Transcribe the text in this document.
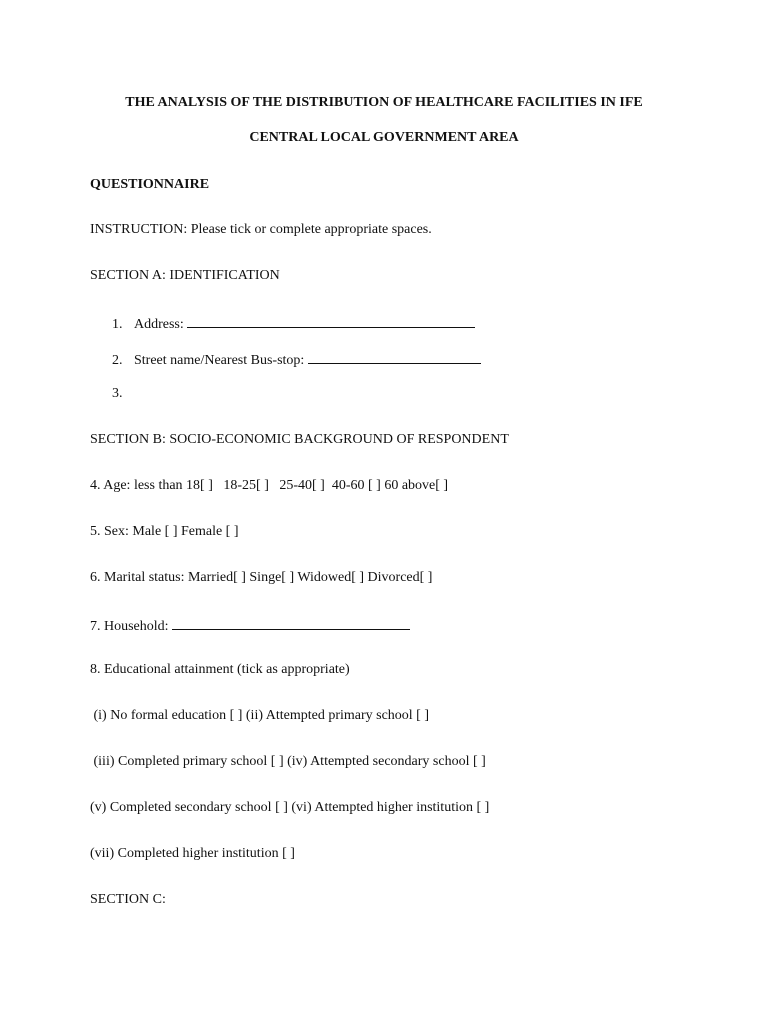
THE ANALYSIS OF THE DISTRIBUTION OF HEALTHCARE FACILITIES IN IFE
CENTRAL LOCAL GOVERNMENT AREA
QUESTIONNAIRE
INSTRUCTION: Please tick or complete appropriate spaces.
SECTION A: IDENTIFICATION
1. Address:
2. Street name/Nearest Bus-stop:
3.
SECTION B: SOCIO-ECONOMIC BACKGROUND OF RESPONDENT
4. Age: less than 18[ ]   18-25[ ]   25-40[ ]  40-60 [ ] 60 above[ ]
5. Sex: Male [ ] Female [ ]
6. Marital status: Married[ ] Singe[ ] Widowed[ ] Divorced[ ]
7. Household:
8. Educational attainment (tick as appropriate)
(i) No formal education [ ] (ii) Attempted primary school [ ]
(iii) Completed primary school [ ] (iv) Attempted secondary school [ ]
(v) Completed secondary school [ ] (vi) Attempted higher institution [ ]
(vii) Completed higher institution [ ]
SECTION C:
